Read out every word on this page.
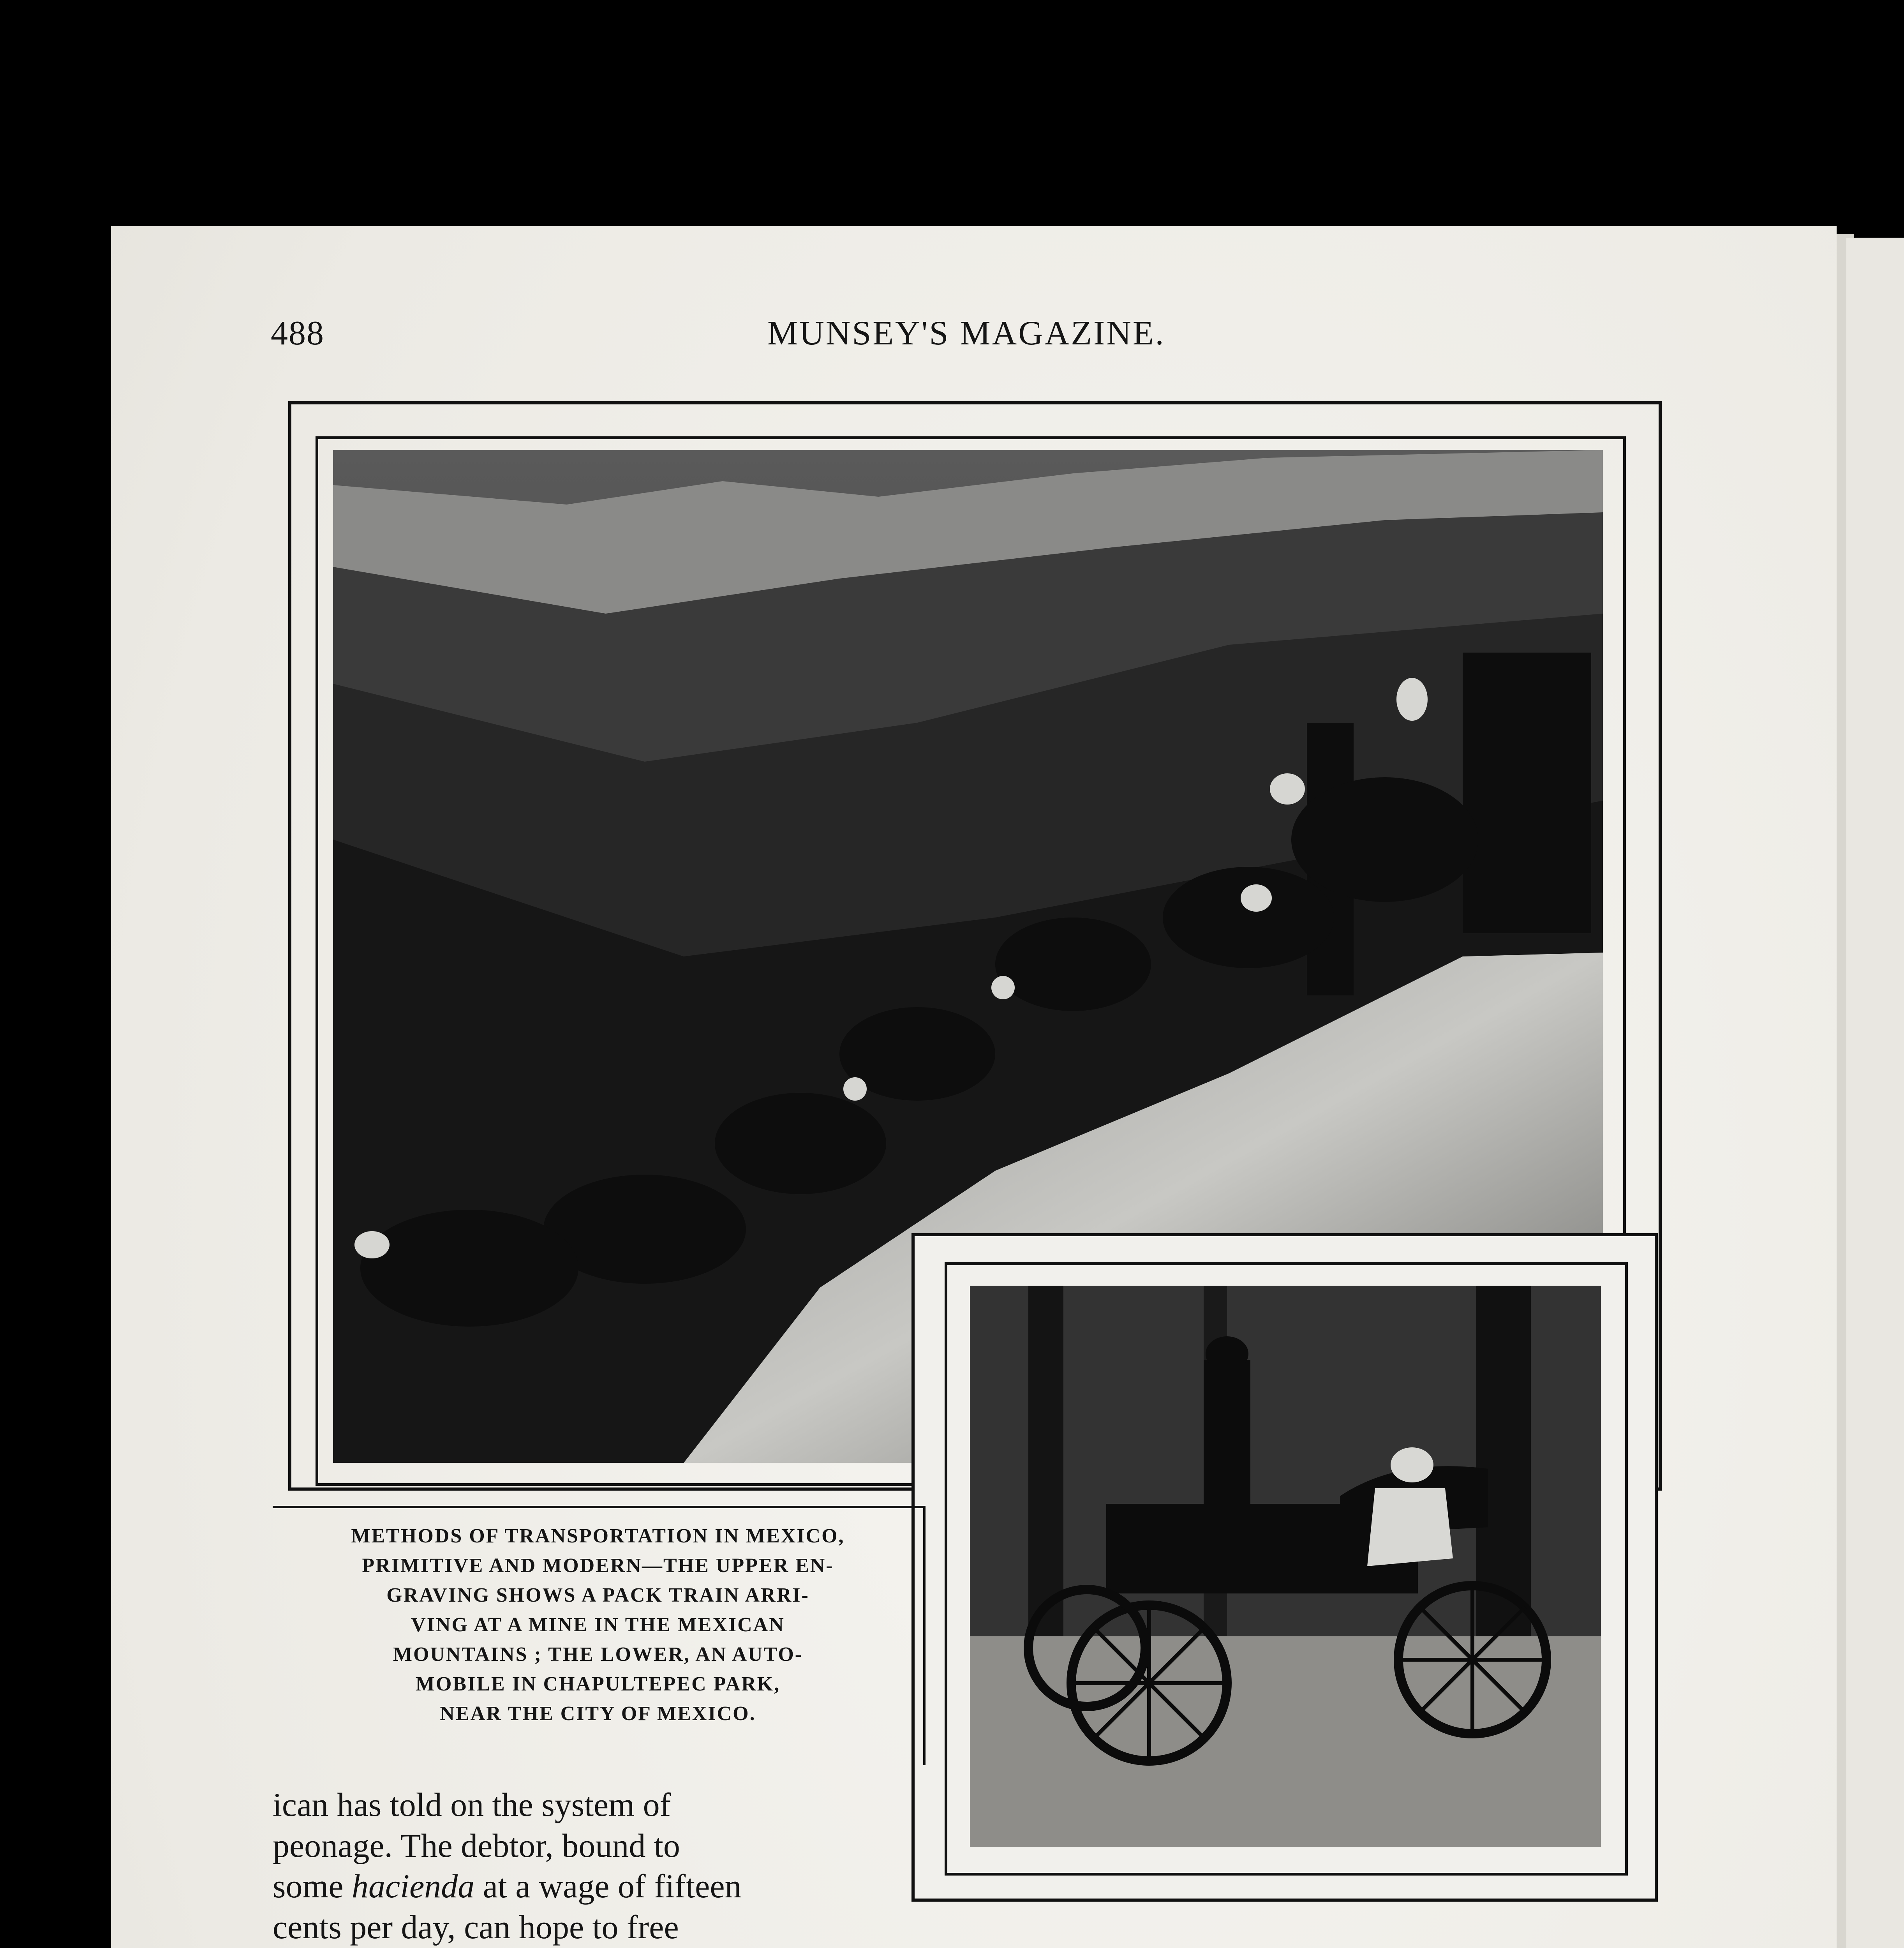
488	MUNSEY'S MAGAZINE.
METHODS OF TRANSPORTATION IN MEXICO,
PRIMITIVE AND MODERN—THE UPPER EN-
GRAVING SHOWS A PACK TRAIN ARRI-
VING AT A MINE IN THE MEXICAN
MOUNTAINS ; THE LOWER, AN AUTO-
MOBILE IN CHAPULTEPEC PARK,
NEAR THE CITY OF MEXICO.

ican has told on the system of

peonage. The debtor, bound to

some hacienda at a wage of fifteen

cents per day, can hope to free
